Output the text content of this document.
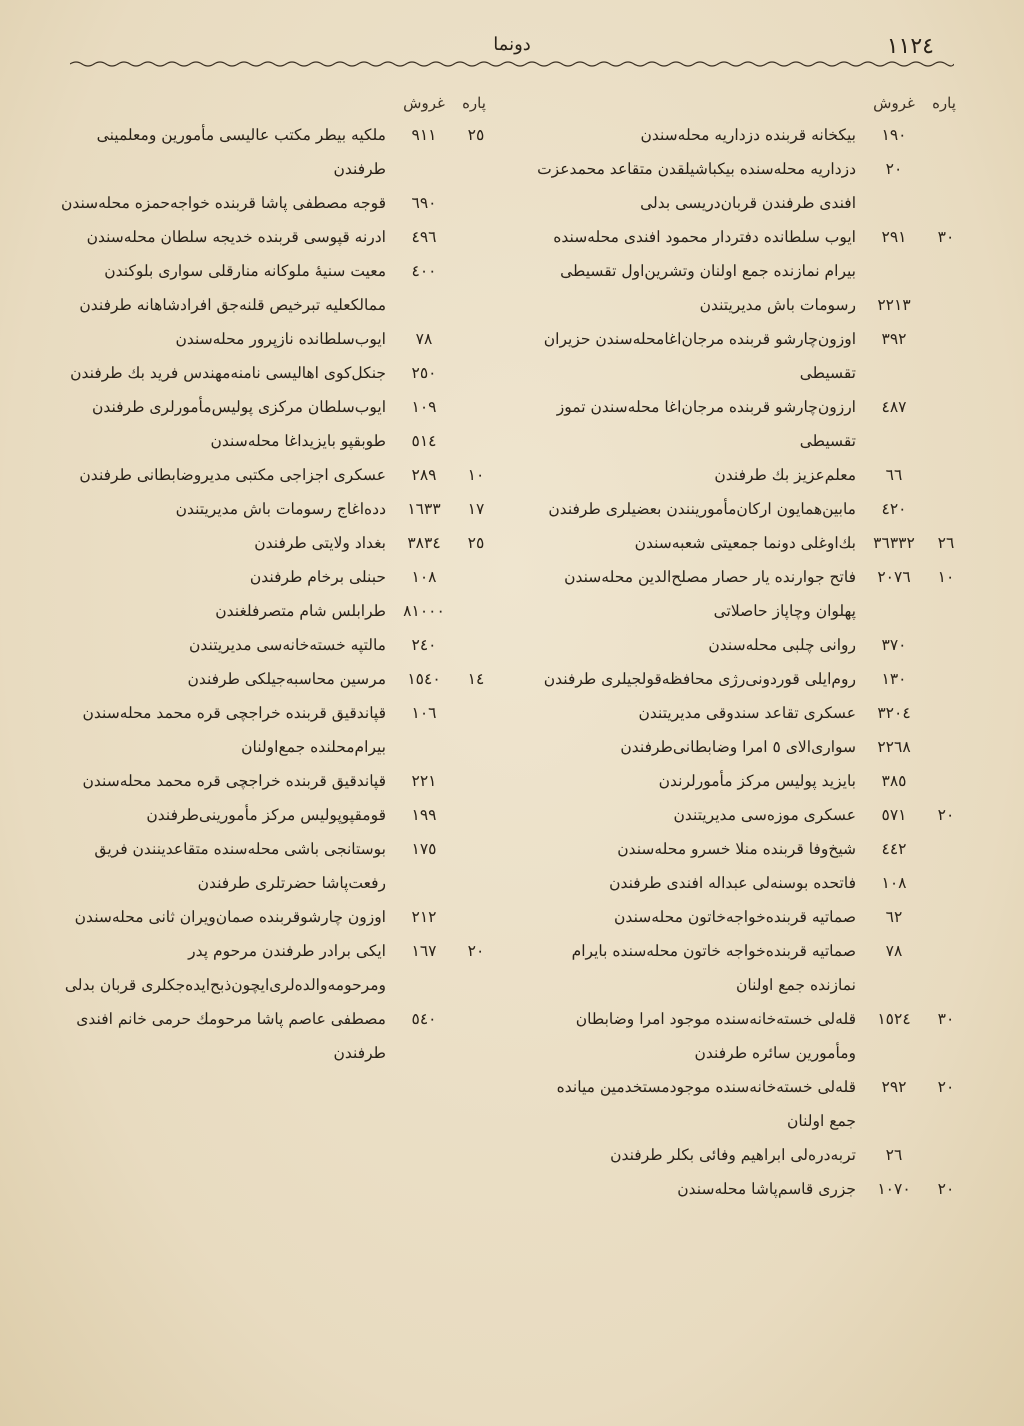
١١٢٤
دونما
پاره
غروش
١٩٠
بیکخانه قربنده دزداریه محله‌سندن
٢٠
دزداریه محله‌سنده بیکباشیلقدن متقاعد محمدعزت افندی طرفندن قربان‌دریسی بدلی
٣٠
٢٩١
ایوب سلطانده دفتردار محمود افندی محله‌سنده بیرام نمازنده جمع اولنان وتشرین‌اول تقسیطی
٢٢١٣
رسومات باش مدیریتندن
٣٩٢
اوزون‌چارشو قربنده مرجان‌اغامحله‌سندن حزیران تقسیطی
٤٨٧
ارزون‌چارشو قربنده مرجان‌اغا محله‌سندن تموز تقسیطی
٦٦
معلم‌عزیز بك طرفندن
٤٢٠
مابین‌همایون ارکان‌مأمورینندن بعضیلری طرفندن
٢٦
٣٦٣٣٢
بك‌اوغلی دونما جمعیتی شعبه‌سندن
١٠
٢٠٧٦
فاتح جوارنده یار حصار مصلح‌الدین محله‌سندن پهلوان وچاپاز حاصلاتی
٣٧٠
روانی چلبی محله‌سندن
١٣٠
روم‌ایلی قوردونی‌رژی محافظه‌قولجیلری طرفندن
٣٢٠٤
عسکری تقاعد سندوقی مدیریتندن
٢٢٦٨
سواری‌الای ٥ امرا وضابطانی‌طرفندن
٣٨٥
بایزید پولیس مرکز مأمورلرندن
٢٠
٥٧١
عسکری موزه‌سی مدیریتندن
٤٤٢
شیخ‌وفا قربنده منلا خسرو محله‌سندن
١٠٨
فاتحده بوسنه‌لی عبداله افندی طرفندن
٦٢
صماتیه قربنده‌خواجه‌خاتون محله‌سندن
٧٨
صماتیه قربنده‌خواجه خاتون محله‌سنده بایرام نمازنده جمع اولنان
٣٠
١٥٢٤
قله‌لی خسته‌خانه‌سنده موجود امرا وضابطان ومأمورین سائره طرفندن
٢٠
٢٩٢
قله‌لی خسته‌خانه‌سنده موجودمستخدمین میانده جمع اولنان
٢٦
تربه‌دره‌لی ابراهیم وفائی بکلر طرفندن
٢٠
١٠٧٠
جزری قاسم‌پاشا محله‌سندن
پاره
غروش
٢٥
٩١١
ملکیه بیطر مکتب عالیسی مأمورین ومعلمینی طرفندن
٦٩٠
قوجه مصطفی پاشا قربنده خواجه‌حمزه محله‌سندن
٤٩٦
ادرنه قپوسی قربنده خدیجه سلطان محله‌سندن
٤٠٠
معیت سنیهٔ ملوکانه منارقلی سواری بلوکندن ممالکعلیه تبرخیص قلنه‌جق افرادشاهانه طرفندن
٧٨
ایوب‌سلطانده نازپرور محله‌سندن
٢٥٠
جنکل‌کوی اهالیسی نامنه‌مهندس فرید بك طرفندن
١٠٩
ایوب‌سلطان مرکزی پولیس‌مأمورلری طرفندن
٥١٤
طوبقپو بایزیداغا محله‌سندن
١٠
٢٨٩
عسکری اجزاجی مکتبی مدیروضابطانی طرفندن
١٧
١٦٣٣
دده‌اغاج رسومات باش مدیریتندن
٢٥
٣٨٣٤
بغداد ولایتی طرفندن
١٠٨
حبنلی برخام طرفندن
٨١٠٠٠
طرابلس شام متصرفلغندن
٢٤٠
مالتپه خسته‌خانه‌سی مدیریتندن
١٤
١٥٤٠
مرسین محاسبه‌جیلکی طرفندن
١٠٦
قپاندقیق قربنده خراجچی قره محمد محله‌سندن بیرام‌محلنده جمع‌اولنان
٢٢١
قپاندقیق قربنده خراجچی قره محمد محله‌سندن
١٩٩
قومقپوپولیس مرکز مأمورینی‌طرفندن
١٧٥
بوستانجی باشی محله‌سنده متقاعدینندن فریق رفعت‌پاشا حضرتلری طرفندن
٢١٢
اوزون چارشوقربنده صمان‌ویران ثانی محله‌سندن
٢٠
١٦٧
ایکی برادر طرفندن مرحوم پدر ومرحومه‌والده‌لری‌ایچون‌ذبح‌ایده‌جکلری قربان بدلی
٥٤٠
مصطفی عاصم پاشا مرحومك حرمی خانم افندی طرفندن
